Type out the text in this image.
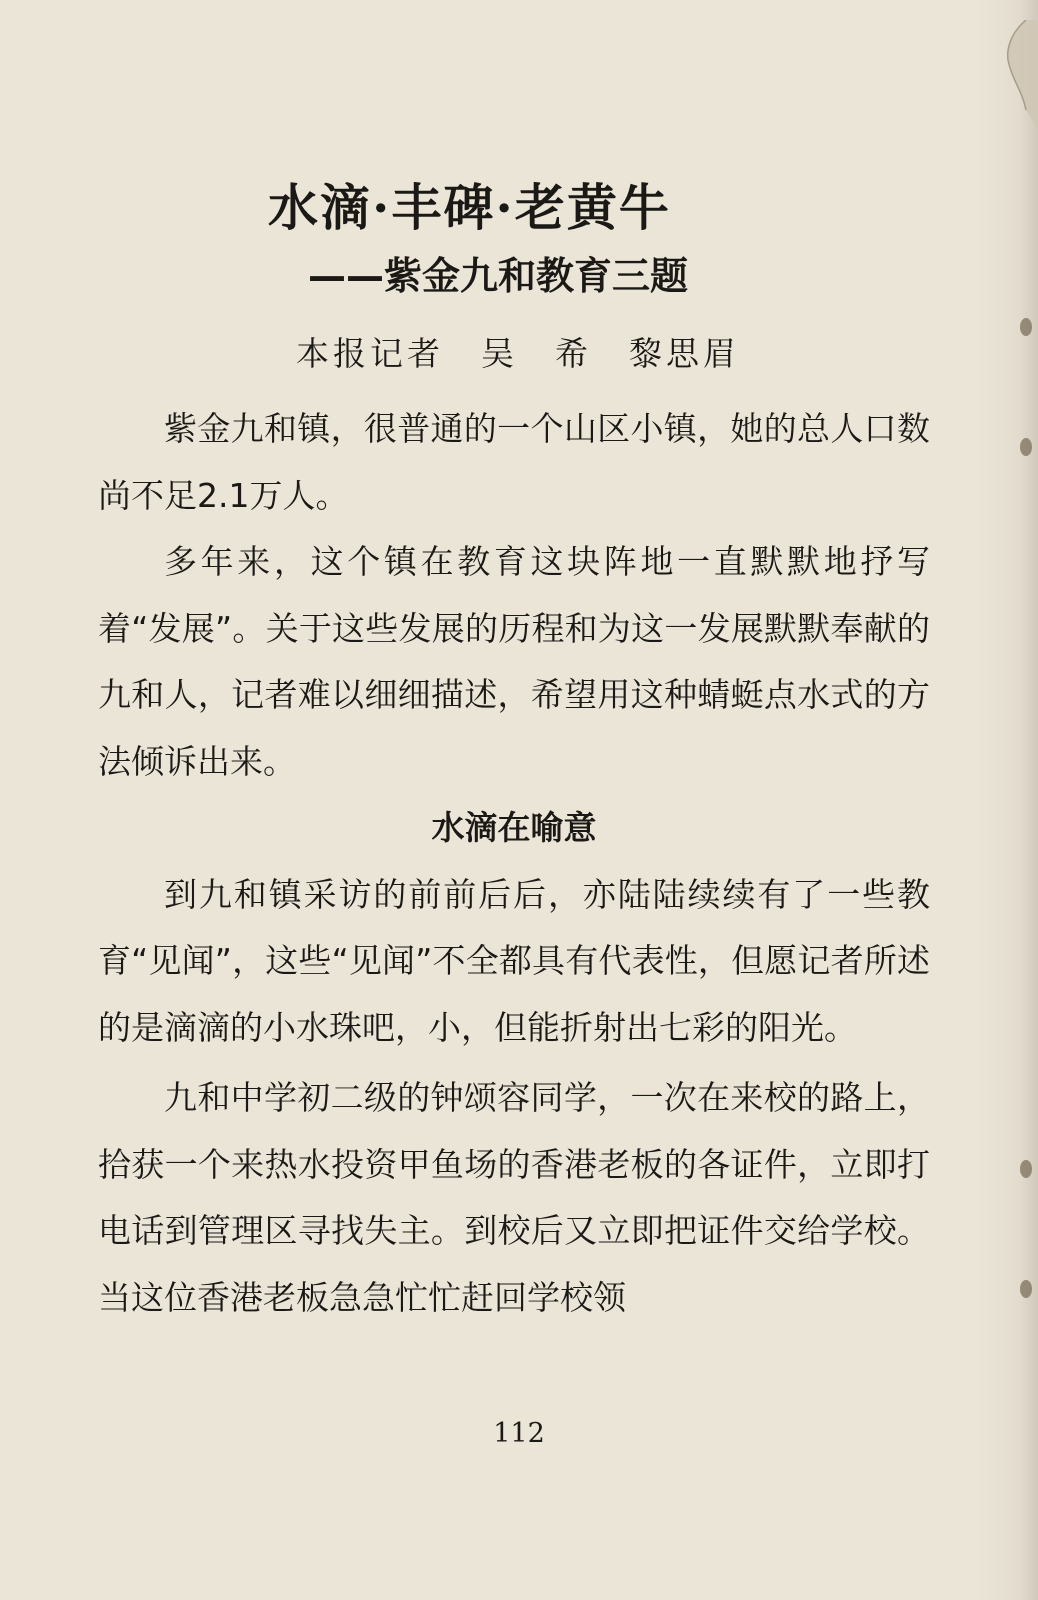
水滴·丰碑·老黄牛
——紫金九和教育三题
本报记者　吴　希　黎思眉

紫金九和镇，很普通的一个山区小镇，她的总人口数尚不足2.1万人。

多年来，这个镇在教育这块阵地一直默默地抒写着“发展”。关于这些发展的历程和为这一发展默默奉献的九和人，记者难以细细描述，希望用这种蜻蜓点水式的方法倾诉出来。

水滴在喻意

到九和镇采访的前前后后，亦陆陆续续有了一些教育“见闻”，这些“见闻”不全都具有代表性，但愿记者所述的是滴滴的小水珠吧，小，但能折射出七彩的阳光。

九和中学初二级的钟颂容同学，一次在来校的路上，拾获一个来热水投资甲鱼场的香港老板的各证件，立即打电话到管理区寻找失主。到校后又立即把证件交给学校。当这位香港老板急急忙忙赶回学校领

112
